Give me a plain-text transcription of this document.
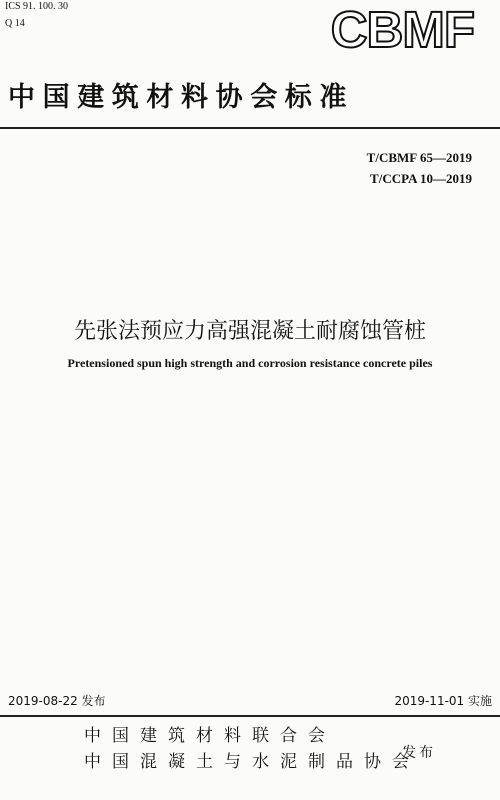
ICS 91. 100. 30
Q 14	CBMF
中国建筑材料协会标准
T/CBMF 65—2019
T/CCPA 10—2019
先张法预应力高强混凝土耐腐蚀管桩
Pretensioned spun high strength and corrosion resistance concrete piles
2019-08-22 发布	2019-11-01 实施
中国建筑材料联合会
中国混凝土与水泥制品协会
发布
